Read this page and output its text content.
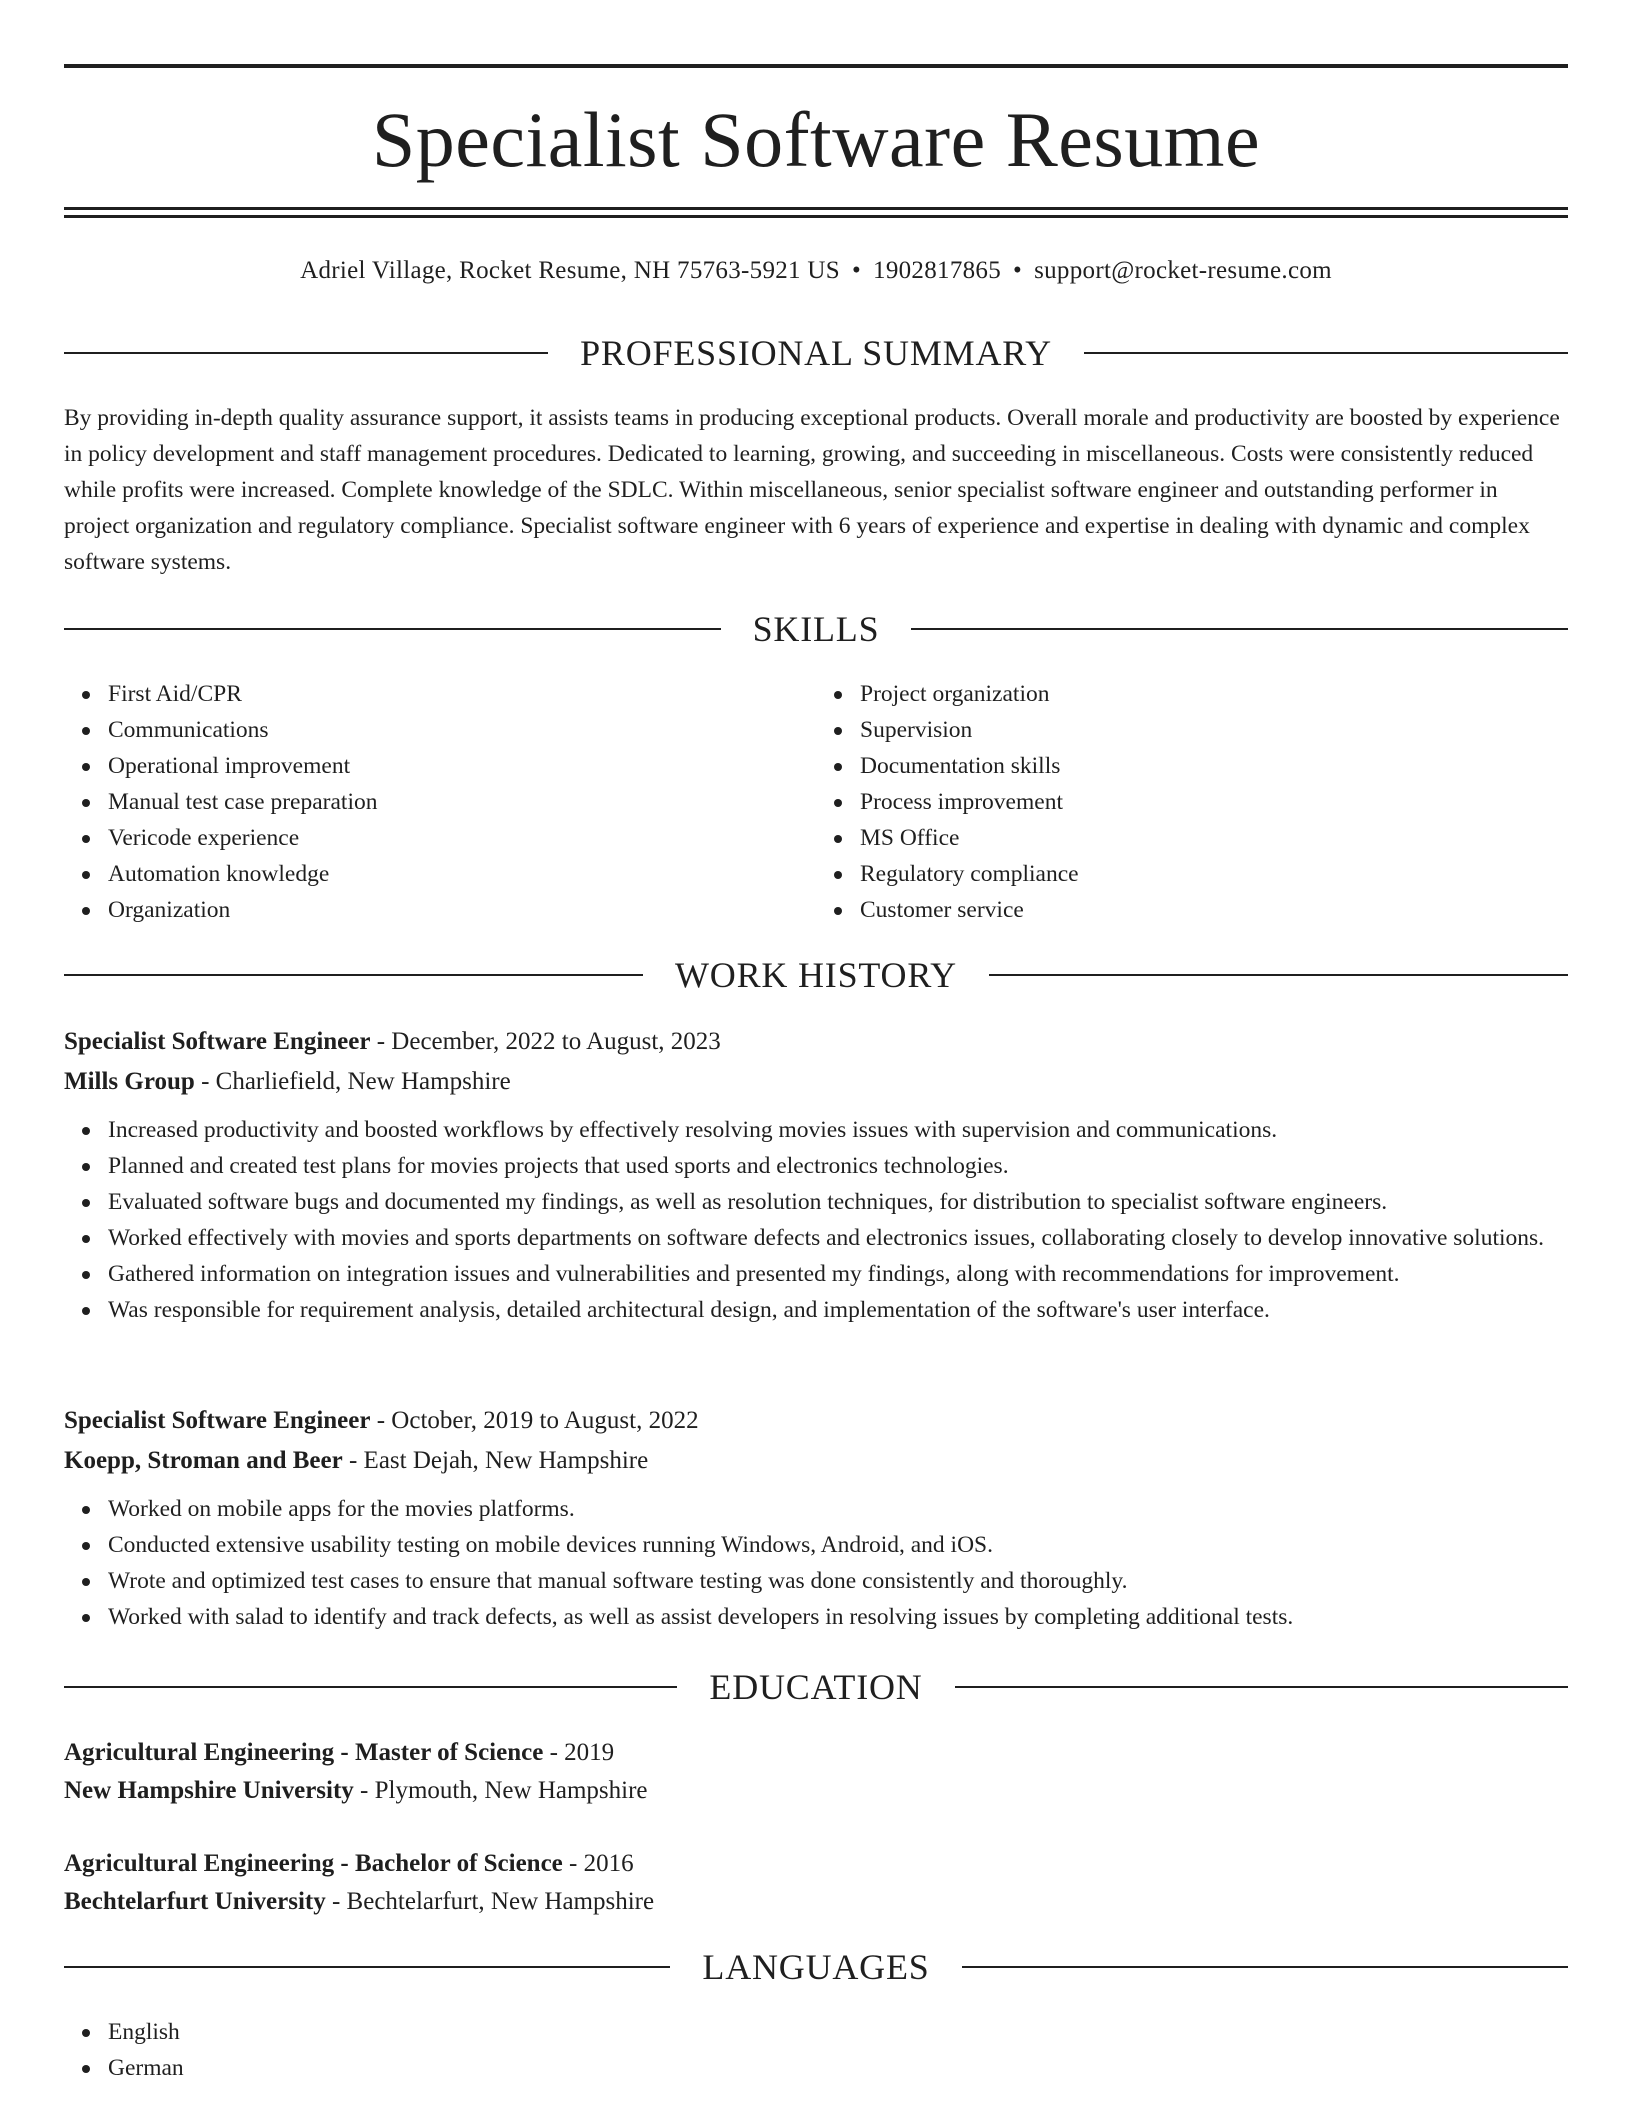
Specialist Software Resume
Adriel Village, Rocket Resume, NH 75763-5921 US • 1902817865 • support@rocket-resume.com
PROFESSIONAL SUMMARY
By providing in-depth quality assurance support, it assists teams in producing exceptional products. Overall morale and productivity are boosted by experience in policy development and staff management procedures. Dedicated to learning, growing, and succeeding in miscellaneous. Costs were consistently reduced while profits were increased. Complete knowledge of the SDLC. Within miscellaneous, senior specialist software engineer and outstanding performer in project organization and regulatory compliance. Specialist software engineer with 6 years of experience and expertise in dealing with dynamic and complex software systems.
SKILLS
First Aid/CPR
Communications
Operational improvement
Manual test case preparation
Vericode experience
Automation knowledge
Organization
Project organization
Supervision
Documentation skills
Process improvement
MS Office
Regulatory compliance
Customer service
WORK HISTORY
Specialist Software Engineer - December, 2022 to August, 2023
Mills Group - Charliefield, New Hampshire
Increased productivity and boosted workflows by effectively resolving movies issues with supervision and communications.
Planned and created test plans for movies projects that used sports and electronics technologies.
Evaluated software bugs and documented my findings, as well as resolution techniques, for distribution to specialist software engineers.
Worked effectively with movies and sports departments on software defects and electronics issues, collaborating closely to develop innovative solutions.
Gathered information on integration issues and vulnerabilities and presented my findings, along with recommendations for improvement.
Was responsible for requirement analysis, detailed architectural design, and implementation of the software's user interface.
Specialist Software Engineer - October, 2019 to August, 2022
Koepp, Stroman and Beer - East Dejah, New Hampshire
Worked on mobile apps for the movies platforms.
Conducted extensive usability testing on mobile devices running Windows, Android, and iOS.
Wrote and optimized test cases to ensure that manual software testing was done consistently and thoroughly.
Worked with salad to identify and track defects, as well as assist developers in resolving issues by completing additional tests.
EDUCATION
Agricultural Engineering - Master of Science - 2019
New Hampshire University - Plymouth, New Hampshire
Agricultural Engineering - Bachelor of Science - 2016
Bechtelarfurt University - Bechtelarfurt, New Hampshire
LANGUAGES
English
German
